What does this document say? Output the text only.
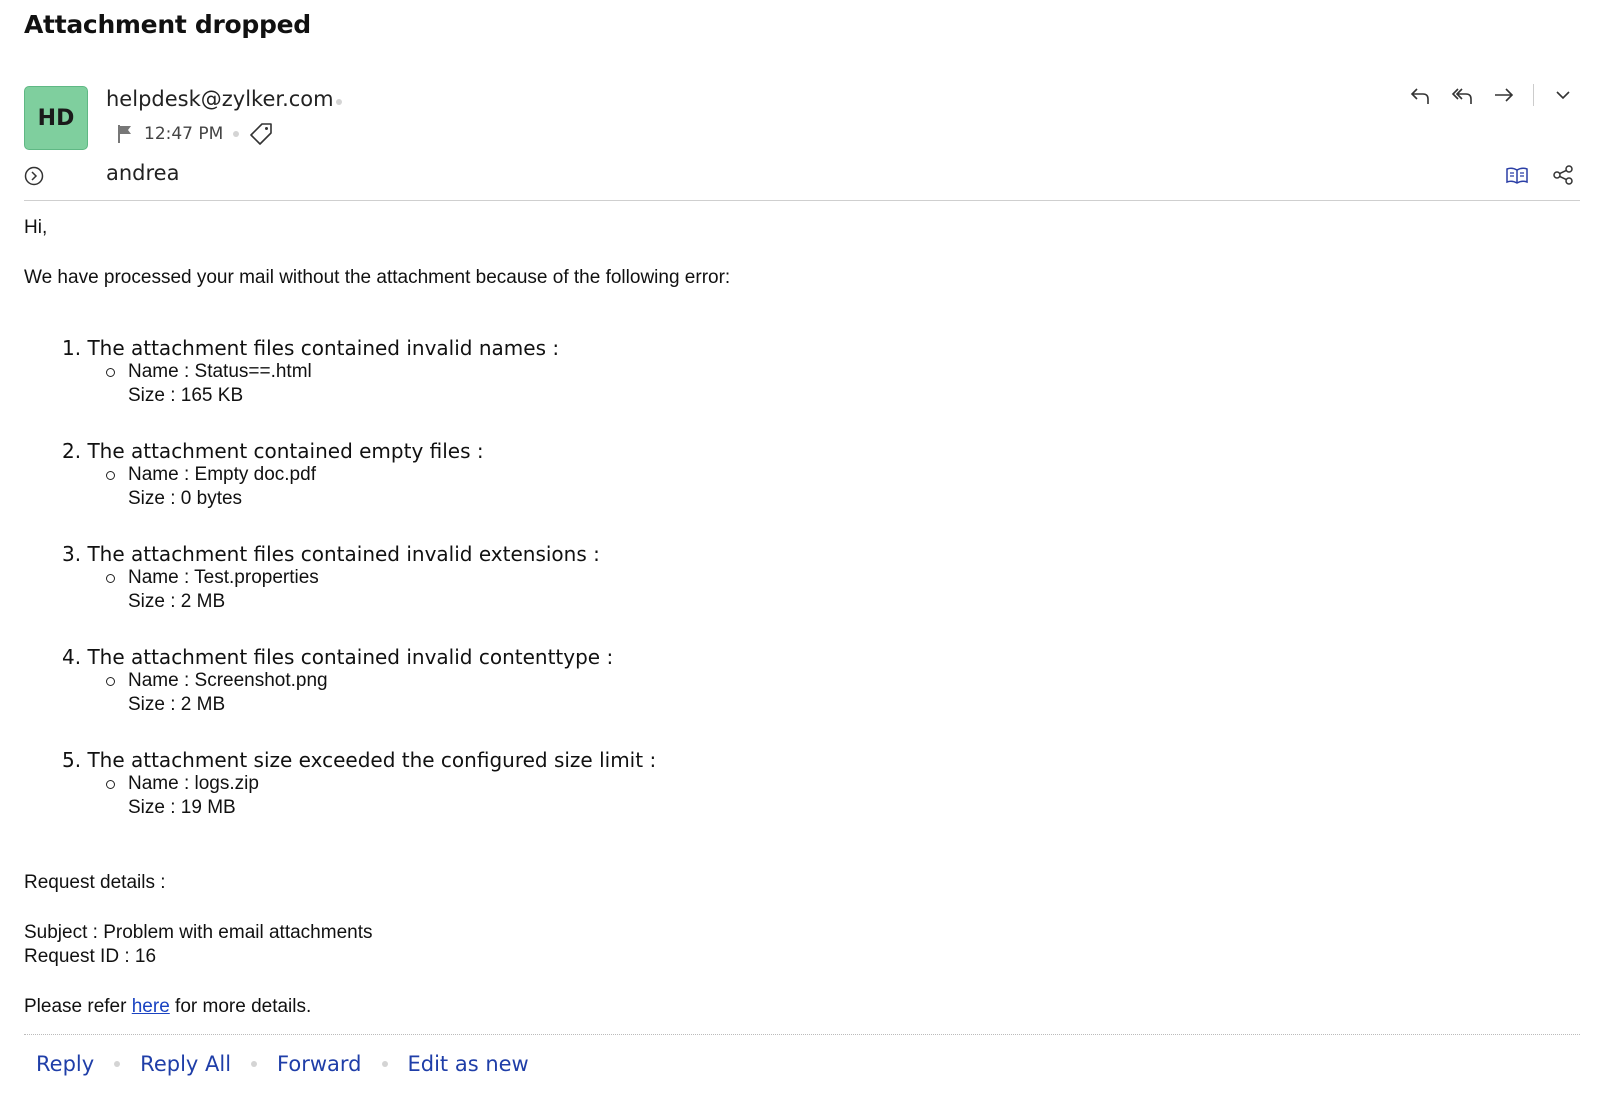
Attachment dropped
HD
helpdesk@zylker.com
12:47 PM
andrea

Hi,

We have processed your mail without the attachment because of the following error:

1. The attachment files contained invalid names :
Name : Status==.html
Size : 165 KB
2. The attachment contained empty files :
Name : Empty doc.pdf
Size : 0 bytes
3. The attachment files contained invalid extensions :
Name : Test.properties
Size : 2 MB
4. The attachment files contained invalid contenttype :
Name : Screenshot.png
Size : 2 MB
5. The attachment size exceeded the configured size limit :
Name : logs.zip
Size : 19 MB

Request details :

Subject : Problem with email attachments

Request ID : 16

Please refer here for more details.

Reply Reply All Forward Edit as new
